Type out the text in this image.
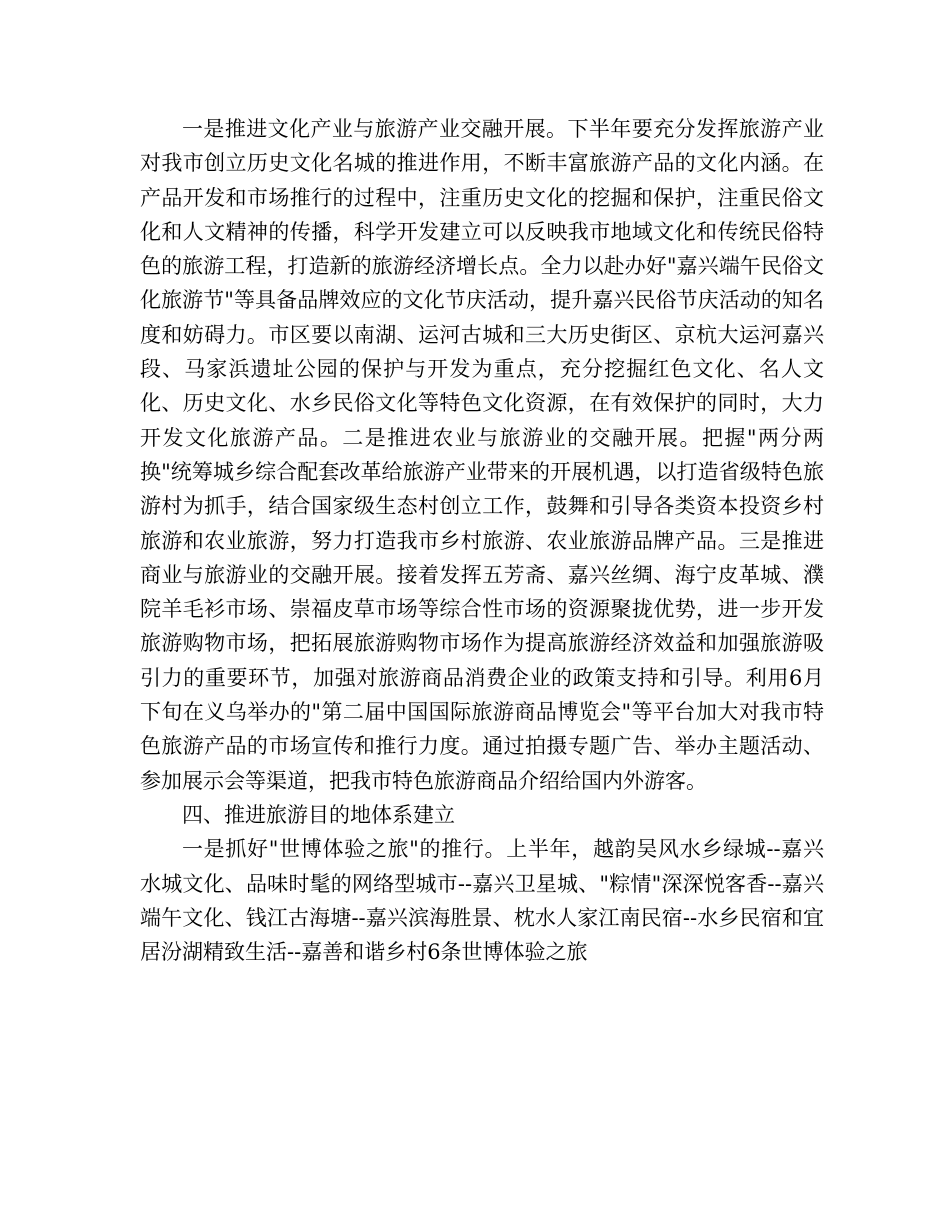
一是推进文化产业与旅游产业交融开展。下半年要充分发挥旅游产业对我市创立历史文化名城的推进作用，不断丰富旅游产品的文化内涵。在产品开发和市场推行的过程中，注重历史文化的挖掘和保护，注重民俗文化和人文精神的传播，科学开发建立可以反映我市地域文化和传统民俗特色的旅游工程，打造新的旅游经济增长点。全力以赴办好"嘉兴端午民俗文化旅游节"等具备品牌效应的文化节庆活动，提升嘉兴民俗节庆活动的知名度和妨碍力。市区要以南湖、运河古城和三大历史街区、京杭大运河嘉兴段、马家浜遗址公园的保护与开发为重点，充分挖掘红色文化、名人文化、历史文化、水乡民俗文化等特色文化资源，在有效保护的同时，大力开发文化旅游产品。二是推进农业与旅游业的交融开展。把握"两分两换"统筹城乡综合配套改革给旅游产业带来的开展机遇，以打造省级特色旅游村为抓手，结合国家级生态村创立工作，鼓舞和引导各类资本投资乡村旅游和农业旅游，努力打造我市乡村旅游、农业旅游品牌产品。三是推进商业与旅游业的交融开展。接着发挥五芳斋、嘉兴丝绸、海宁皮革城、濮院羊毛衫市场、崇福皮草市场等综合性市场的资源聚拢优势，进一步开发旅游购物市场，把拓展旅游购物市场作为提高旅游经济效益和加强旅游吸引力的重要环节，加强对旅游商品消费企业的政策支持和引导。利用6月下旬在义乌举办的"第二届中国国际旅游商品博览会"等平台加大对我市特色旅游产品的市场宣传和推行力度。通过拍摄专题广告、举办主题活动、参加展示会等渠道，把我市特色旅游商品介绍给国内外游客。

四、推进旅游目的地体系建立

一是抓好"世博体验之旅"的推行。上半年，越韵吴风水乡绿城--嘉兴水城文化、品味时髦的网络型城市--嘉兴卫星城、"粽情"深深悦客香--嘉兴端午文化、钱江古海塘--嘉兴滨海胜景、枕水人家江南民宿--水乡民宿和宜居汾湖精致生活--嘉善和谐乡村6条世博体验之旅
